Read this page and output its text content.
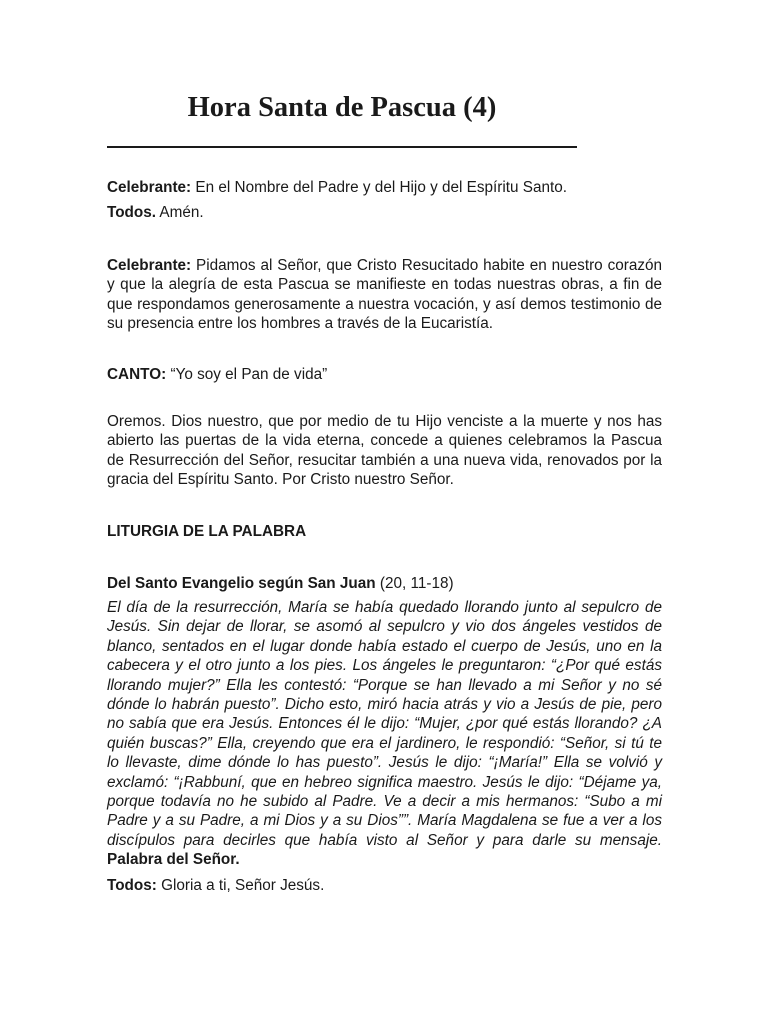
Hora Santa de Pascua (4)

Celebrante: En el Nombre del Padre y del Hijo y del Espíritu Santo.

Todos. Amén.

Celebrante: Pidamos al Señor, que Cristo Resucitado habite en nuestro corazón y que la alegría de esta Pascua se manifieste en todas nuestras obras, a fin de que respondamos generosamente a nuestra vocación, y así demos testimonio de su presencia entre los hombres a través de la Eucaristía.

CANTO: “Yo soy el Pan de vida”

Oremos. Dios nuestro, que por medio de tu Hijo venciste a la muerte y nos has abierto las puertas de la vida eterna, concede a quienes celebramos la Pascua de Resurrección del Señor, resucitar también a una nueva vida, renovados por la gracia del Espíritu Santo. Por Cristo nuestro Señor.

LITURGIA DE LA PALABRA

Del Santo Evangelio según San Juan (20, 11-18)

El día de la resurrección, María se había quedado llorando junto al sepulcro de Jesús. Sin dejar de llorar, se asomó al sepulcro y vio dos ángeles vestidos de blanco, sentados en el lugar donde había estado el cuerpo de Jesús, uno en la cabecera y el otro junto a los pies. Los ángeles le preguntaron: “¿Por qué estás llorando mujer?” Ella les contestó: “Porque se han llevado a mi Señor y no sé dónde lo habrán puesto”. Dicho esto, miró hacia atrás y vio a Jesús de pie, pero no sabía que era Jesús. Entonces él le dijo: “Mujer, ¿por qué estás llorando? ¿A quién buscas?” Ella, creyendo que era el jardinero, le respondió: “Señor, si tú te lo llevaste, dime dónde lo has puesto”. Jesús le dijo: “¡María!” Ella se volvió y exclamó: “¡Rabbuní, que en hebreo significa maestro. Jesús le dijo: “Déjame ya, porque todavía no he subido al Padre. Ve a decir a mis hermanos: “Subo a mi Padre y a su Padre, a mi Dios y a su Dios””. María Magdalena se fue a ver a los discípulos para decirles que había visto al Señor y para darle su mensaje. Palabra del Señor.

Todos: Gloria a ti, Señor Jesús.
